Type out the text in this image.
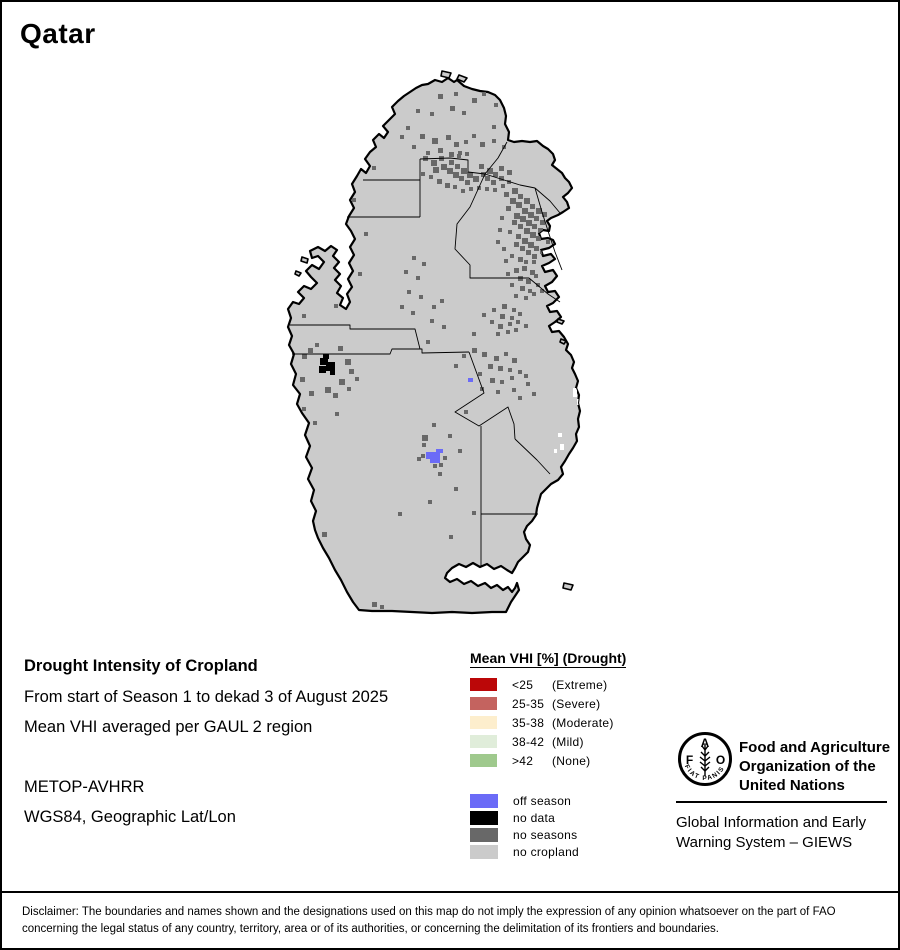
Qatar
Drought Intensity of Cropland
From start of Season 1 to dekad 3 of August 2025
Mean VHI averaged per GAUL 2 region
METOP-AVHRR
WGS84, Geographic Lat/Lon
Mean VHI [%] (Drought)
<25	(Extreme)
25-35 (Severe)
35-38 (Moderate)
38-42 (Mild)
>42	(None)
off season
no data
no seasons
no cropland
A
F O
FIAT PANIS
Food and Agriculture
Organization of the
United Nations
Global Information and Early
Warning System – GIEWS
Disclaimer: The boundaries and names shown and the designations used on this map do not imply the expression of any opinion whatsoever on the part of FAO
concerning the legal status of any country, territory, area or of its authorities, or concerning the delimitation of its frontiers and boundaries.
